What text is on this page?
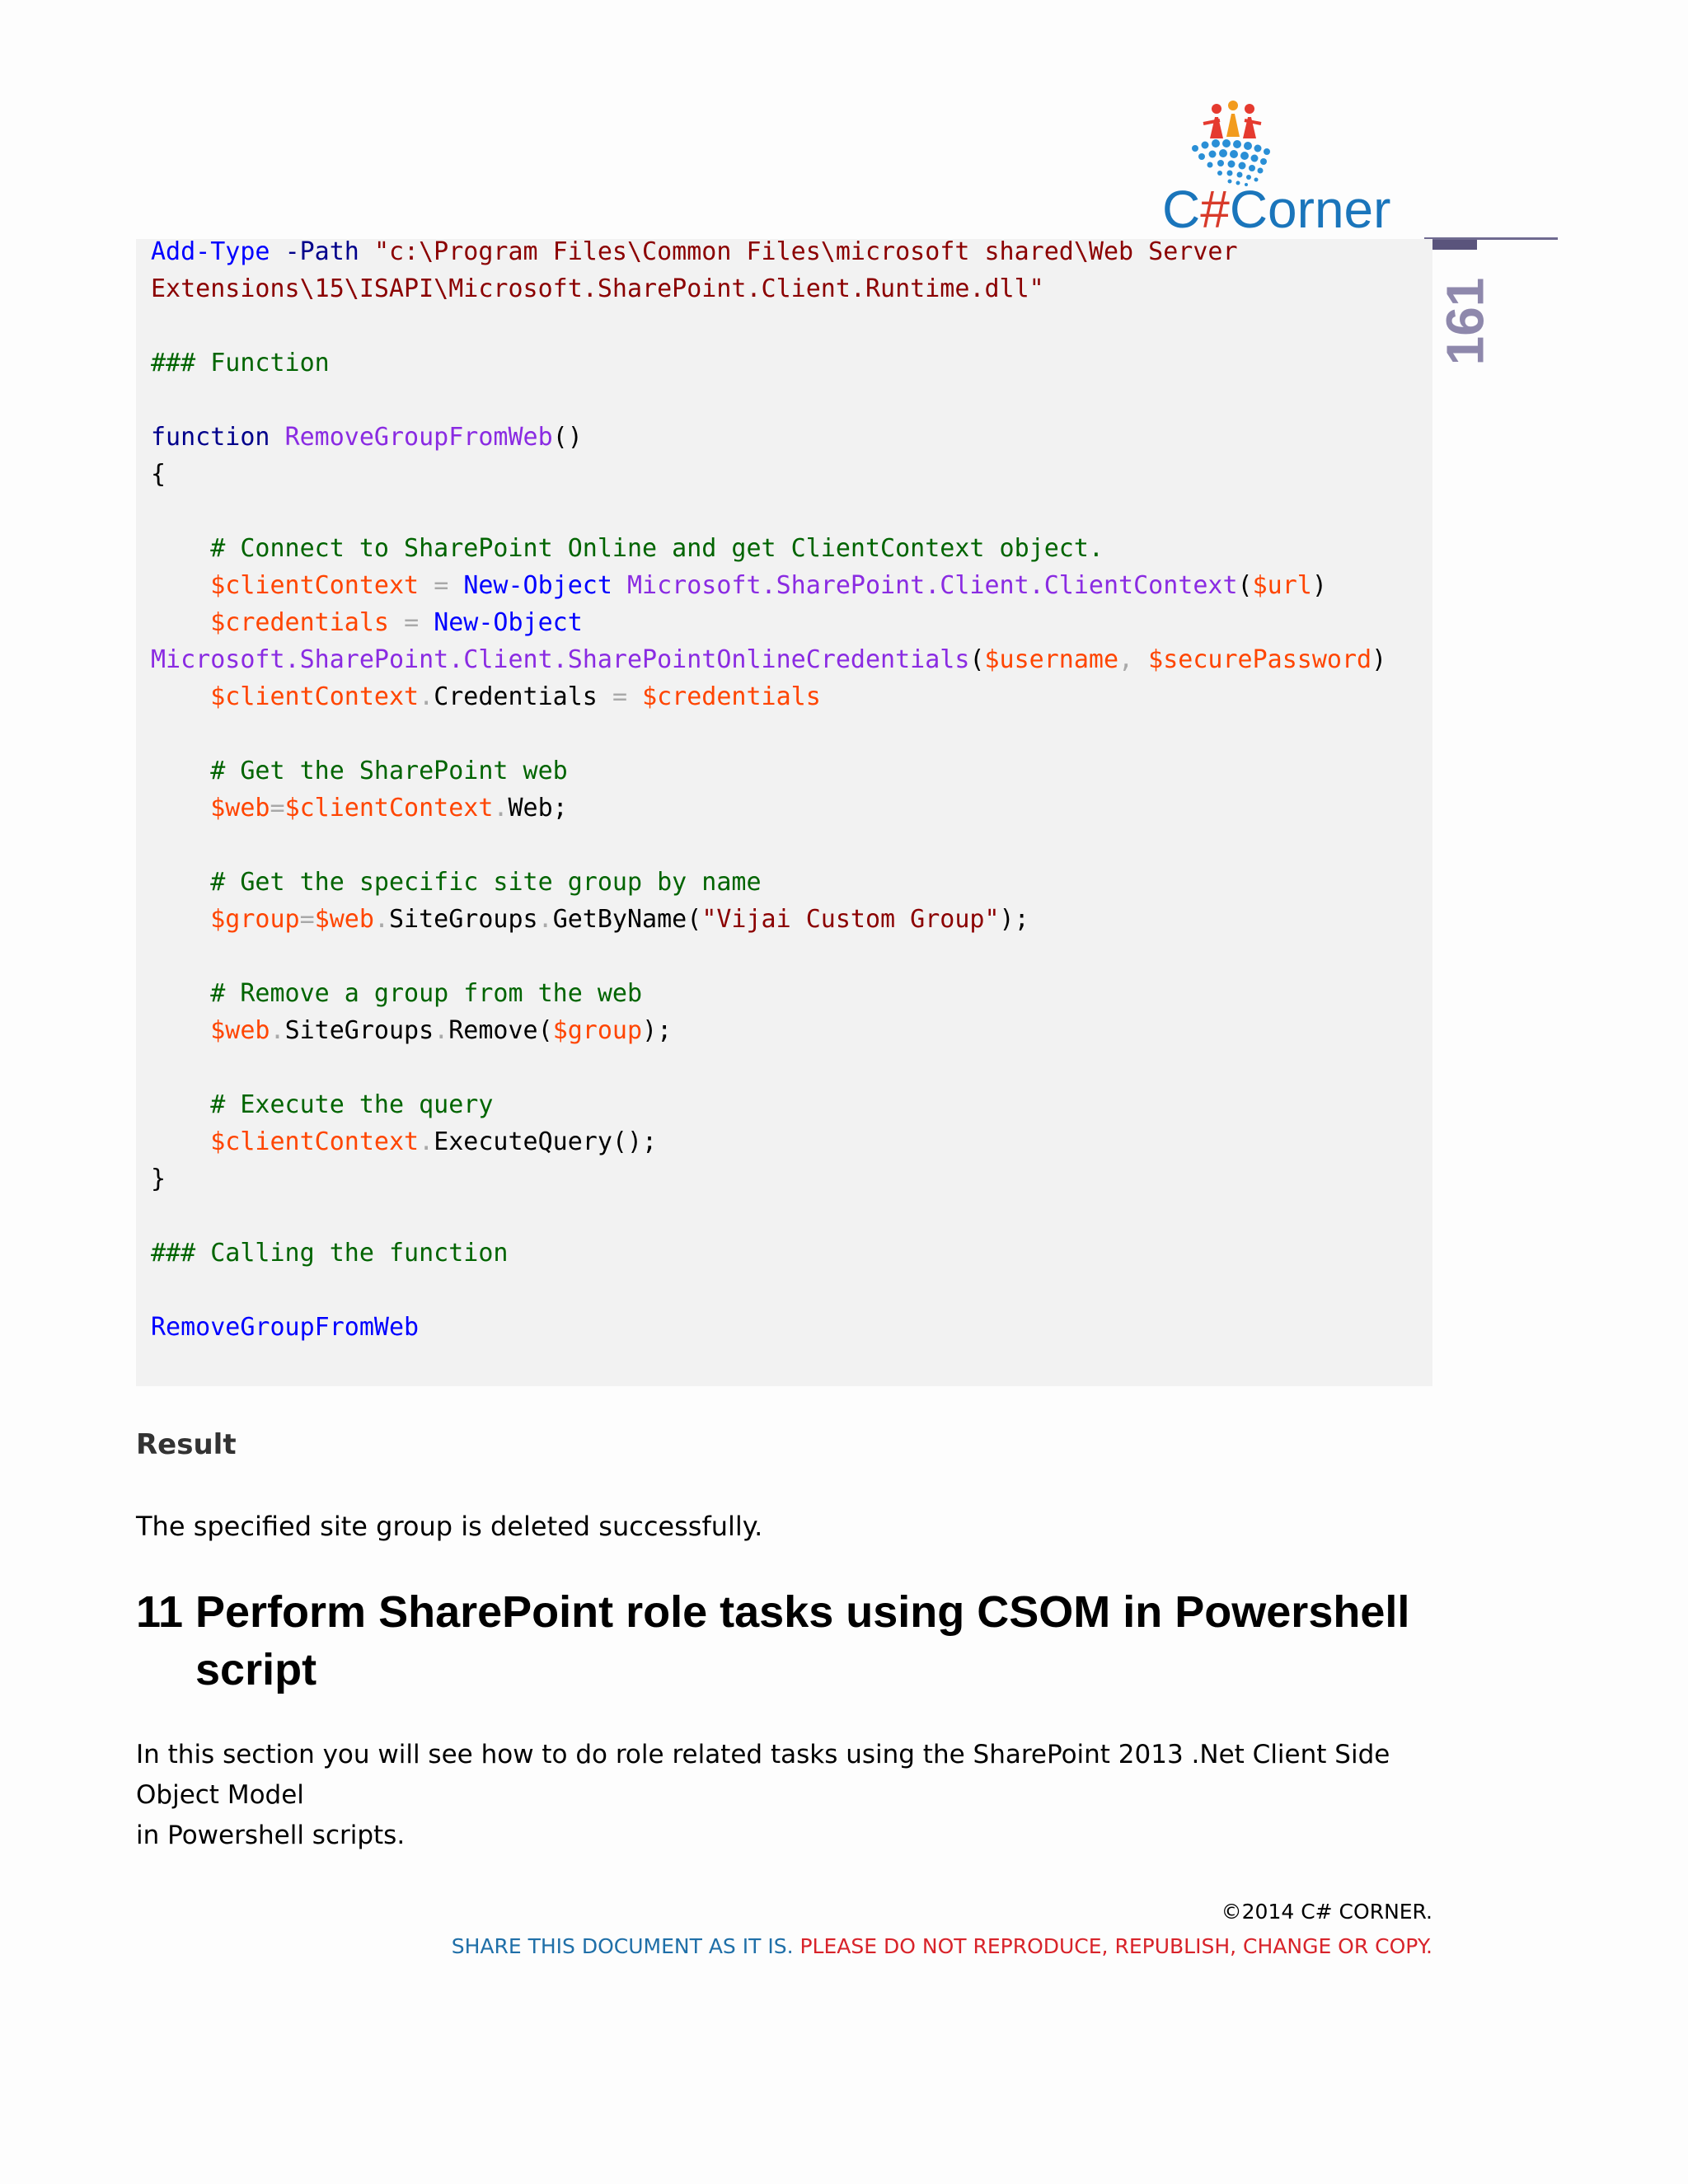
C#Corner
161
Add-Type -Path "c:\Program Files\Common Files\microsoft shared\Web Server
Extensions\15\ISAPI\Microsoft.SharePoint.Client.Runtime.dll"
### Function
function RemoveGroupFromWeb()
{
# Connect to SharePoint Online and get ClientContext object.
$clientContext = New-Object Microsoft.SharePoint.Client.ClientContext($url)
$credentials = New-Object
Microsoft.SharePoint.Client.SharePointOnlineCredentials($username, $securePassword)
$clientContext.Credentials = $credentials
# Get the SharePoint web
$web=$clientContext.Web;
# Get the specific site group by name
$group=$web.SiteGroups.GetByName("Vijai Custom Group");
# Remove a group from the web
$web.SiteGroups.Remove($group);
# Execute the query
$clientContext.ExecuteQuery();
}
### Calling the function
RemoveGroupFromWeb
Result
The specified site group is deleted successfully.
11 Perform SharePoint role tasks using CSOM in Powershell
script
In this section you will see how to do role related tasks using the SharePoint 2013 .Net Client Side Object Model
in Powershell scripts.
©2014 C# CORNER.
SHARE THIS DOCUMENT AS IT IS. PLEASE DO NOT REPRODUCE, REPUBLISH, CHANGE OR COPY.
